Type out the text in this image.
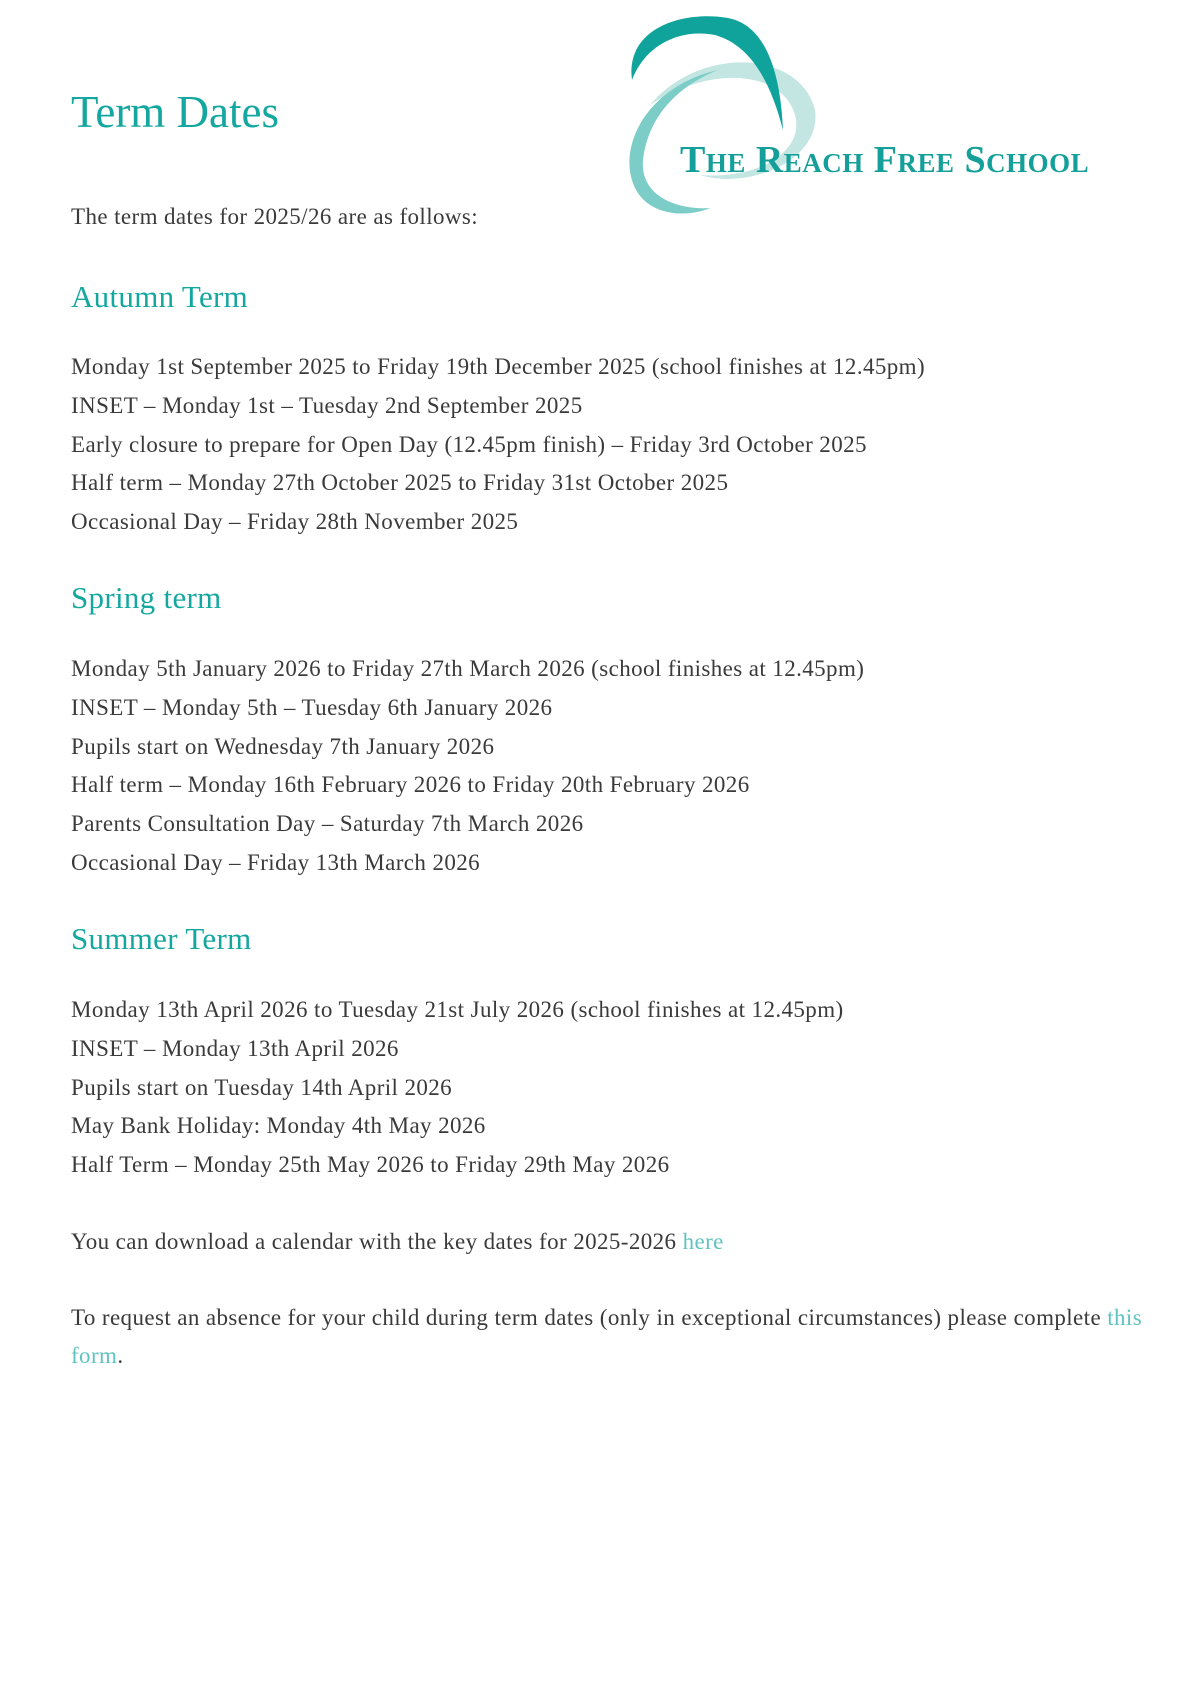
Term Dates
The Reach Free School

The term dates for 2025/26 are as follows:

Autumn Term
Monday 1st September 2025 to Friday 19th December 2025 (school finishes at 12.45pm)
INSET – Monday 1st – Tuesday 2nd September 2025
Early closure to prepare for Open Day (12.45pm finish) – Friday 3rd October 2025
Half term – Monday 27th October 2025 to Friday 31st October 2025
Occasional Day – Friday 28th November 2025
Spring term
Monday 5th January 2026 to Friday 27th March 2026 (school finishes at 12.45pm)
INSET – Monday 5th – Tuesday 6th January 2026
Pupils start on Wednesday 7th January 2026
Half term – Monday 16th February 2026 to Friday 20th February 2026
Parents Consultation Day – Saturday 7th March 2026
Occasional Day – Friday 13th March 2026
Summer Term
Monday 13th April 2026 to Tuesday 21st July 2026 (school finishes at 12.45pm)
INSET – Monday 13th April 2026
Pupils start on Tuesday 14th April 2026
May Bank Holiday: Monday 4th May 2026
Half Term – Monday 25th May 2026 to Friday 29th May 2026

You can download a calendar with the key dates for 2025-2026 here

To request an absence for your child during term dates (only in exceptional circumstances) please complete this form.
